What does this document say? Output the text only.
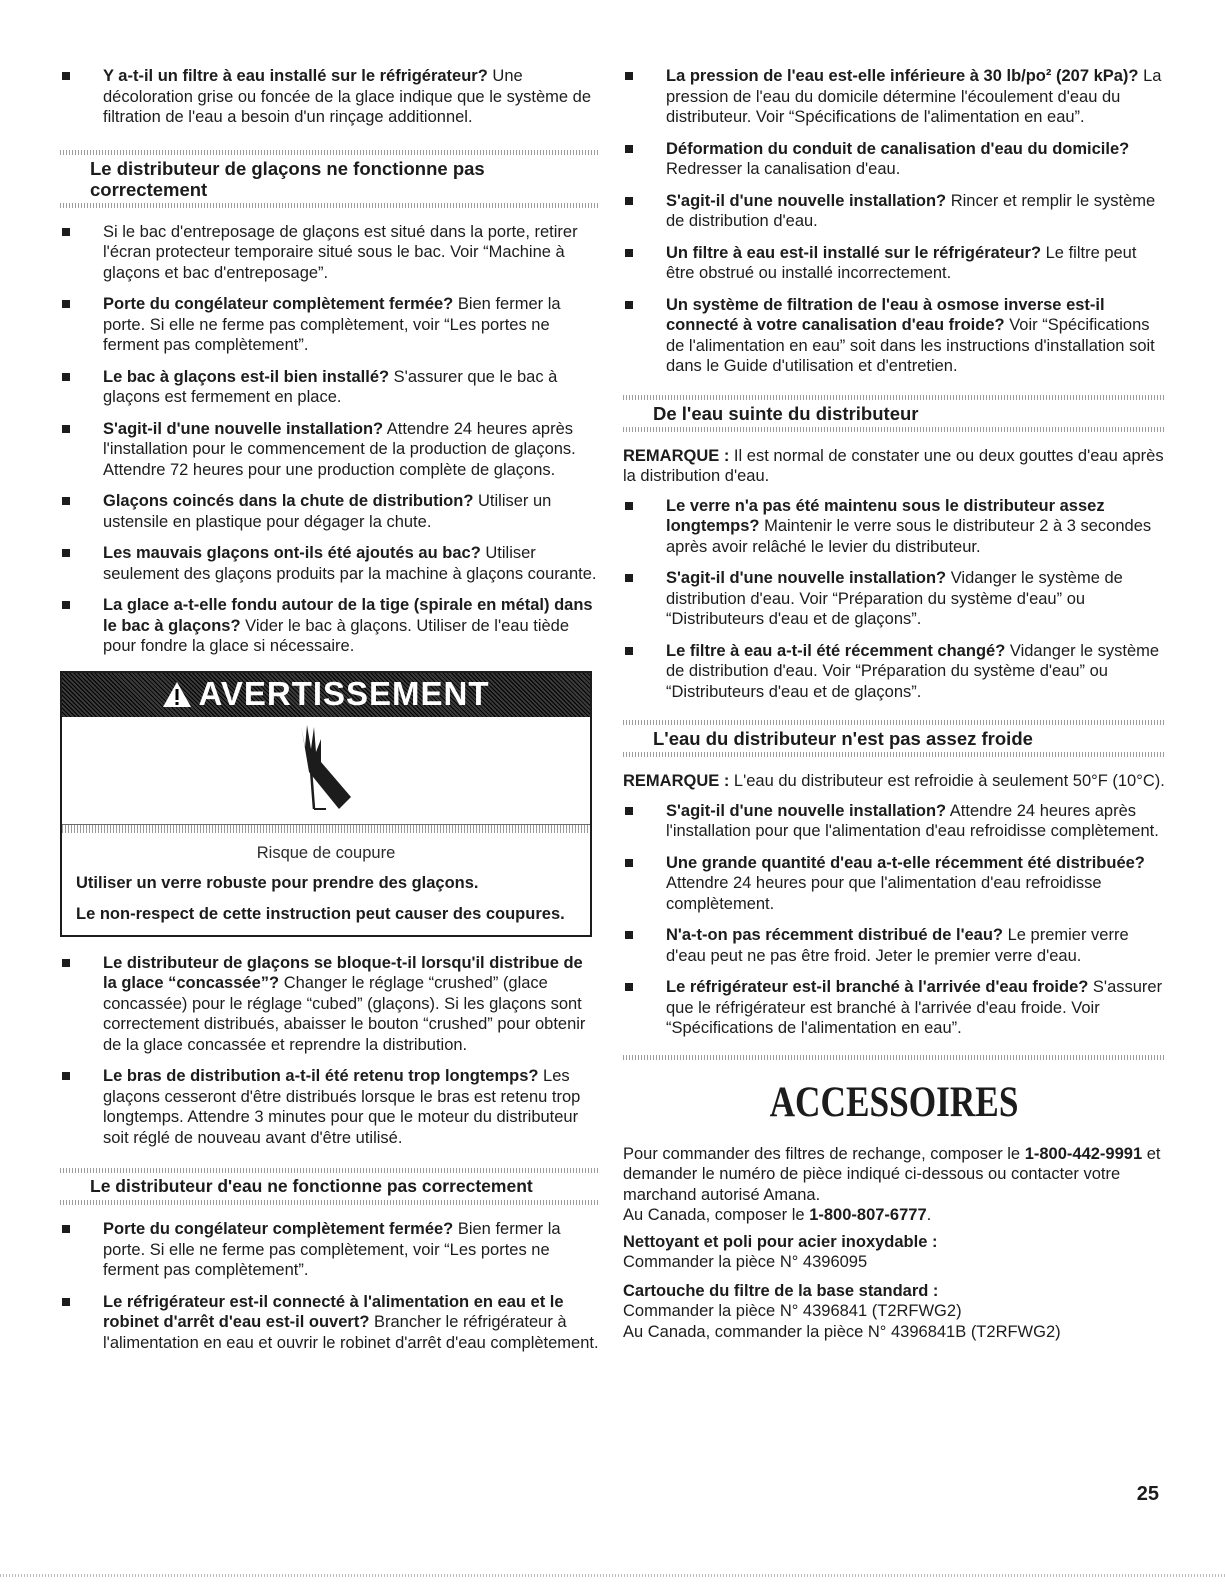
Y a-t-il un filtre à eau installé sur le réfrigérateur? Une décoloration grise ou foncée de la glace indique que le système de filtration de l'eau a besoin d'un rinçage additionnel.
Le distributeur de glaçons ne fonctionne pas correctement
Si le bac d'entreposage de glaçons est situé dans la porte, retirer l'écran protecteur temporaire situé sous le bac. Voir “Machine à glaçons et bac d'entreposage”.
Porte du congélateur complètement fermée? Bien fermer la porte. Si elle ne ferme pas complètement, voir “Les portes ne ferment pas complètement”.
Le bac à glaçons est-il bien installé? S'assurer que le bac à glaçons est fermement en place.
S'agit-il d'une nouvelle installation? Attendre 24 heures après l'installation pour le commencement de la production de glaçons. Attendre 72 heures pour une production complète de glaçons.
Glaçons coincés dans la chute de distribution? Utiliser un ustensile en plastique pour dégager la chute.
Les mauvais glaçons ont-ils été ajoutés au bac? Utiliser seulement des glaçons produits par la machine à glaçons courante.
La glace a-t-elle fondu autour de la tige (spirale en métal) dans le bac à glaçons? Vider le bac à glaçons. Utiliser de l'eau tiède pour fondre la glace si nécessaire.
AVERTISSEMENT
Risque de coupure
Utiliser un verre robuste pour prendre des glaçons.
Le non-respect de cette instruction peut causer des coupures.
Le distributeur de glaçons se bloque-t-il lorsqu'il distribue de la glace “concassée”? Changer le réglage “crushed” (glace concassée) pour le réglage “cubed” (glaçons). Si les glaçons sont correctement distribués, abaisser le bouton “crushed” pour obtenir de la glace concassée et reprendre la distribution.
Le bras de distribution a-t-il été retenu trop longtemps? Les glaçons cesseront d'être distribués lorsque le bras est retenu trop longtemps. Attendre 3 minutes pour que le moteur du distributeur soit réglé de nouveau avant d'être utilisé.
Le distributeur d'eau ne fonctionne pas correctement
Porte du congélateur complètement fermée? Bien fermer la porte. Si elle ne ferme pas complètement, voir “Les portes ne ferment pas complètement”.
Le réfrigérateur est-il connecté à l'alimentation en eau et le robinet d'arrêt d'eau est-il ouvert? Brancher le réfrigérateur à l'alimentation en eau et ouvrir le robinet d'arrêt d'eau complètement.
La pression de l'eau est-elle inférieure à 30 lb/po² (207 kPa)? La pression de l'eau du domicile détermine l'écoulement d'eau du distributeur. Voir “Spécifications de l'alimentation en eau”.
Déformation du conduit de canalisation d'eau du domicile? Redresser la canalisation d'eau.
S'agit-il d'une nouvelle installation? Rincer et remplir le système de distribution d'eau.
Un filtre à eau est-il installé sur le réfrigérateur? Le filtre peut être obstrué ou installé incorrectement.
Un système de filtration de l'eau à osmose inverse est-il connecté à votre canalisation d'eau froide? Voir “Spécifications de l'alimentation en eau” soit dans les instructions d'installation soit dans le Guide d'utilisation et d'entretien.
De l'eau suinte du distributeur
REMARQUE : Il est normal de constater une ou deux gouttes d'eau après la distribution d'eau.
Le verre n'a pas été maintenu sous le distributeur assez longtemps? Maintenir le verre sous le distributeur 2 à 3 secondes après avoir relâché le levier du distributeur.
S'agit-il d'une nouvelle installation? Vidanger le système de distribution d'eau. Voir “Préparation du système d'eau” ou “Distributeurs d'eau et de glaçons”.
Le filtre à eau a-t-il été récemment changé? Vidanger le système de distribution d'eau. Voir “Préparation du système d'eau” ou “Distributeurs d'eau et de glaçons”.
L'eau du distributeur n'est pas assez froide
REMARQUE : L'eau du distributeur est refroidie à seulement 50°F (10°C).
S'agit-il d'une nouvelle installation? Attendre 24 heures après l'installation pour que l'alimentation d'eau refroidisse complètement.
Une grande quantité d'eau a-t-elle récemment été distribuée? Attendre 24 heures pour que l'alimentation d'eau refroidisse complètement.
N'a-t-on pas récemment distribué de l'eau? Le premier verre d'eau peut ne pas être froid. Jeter le premier verre d'eau.
Le réfrigérateur est-il branché à l'arrivée d'eau froide? S'assurer que le réfrigérateur est branché à l'arrivée d'eau froide. Voir “Spécifications de l'alimentation en eau”.
ACCESSOIRES
Pour commander des filtres de rechange, composer le 1-800-442-9991 et demander le numéro de pièce indiqué ci-dessous ou contacter votre marchand autorisé Amana.
Au Canada, composer le 1-800-807-6777.
Nettoyant et poli pour acier inoxydable :
Commander la pièce N° 4396095
Cartouche du filtre de la base standard :
Commander la pièce N° 4396841 (T2RFWG2)
Au Canada, commander la pièce N° 4396841B (T2RFWG2)
25
